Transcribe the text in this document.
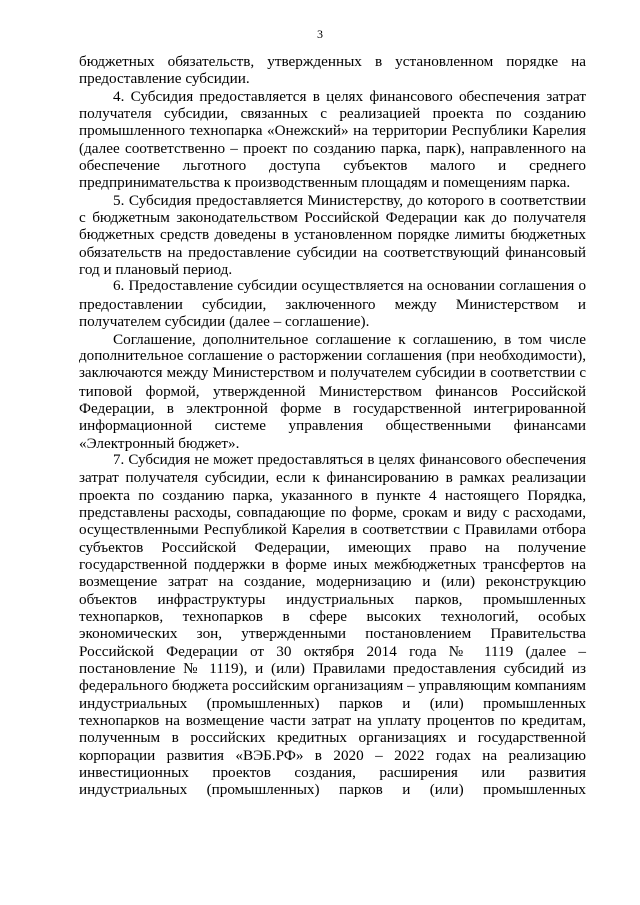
3
бюджетных обязательств, утвержденных в установленном порядке на
предоставление субсидии.
4. Субсидия предоставляется в целях финансового обеспечения затрат
получателя субсидии, связанных с реализацией проекта по созданию
промышленного технопарка «Онежский» на территории Республики Карелия
(далее соответственно – проект по созданию парка, парк), направленного на
обеспечение льготного доступа субъектов малого и среднего
предпринимательства к производственным площадям и помещениям парка.
5. Субсидия предоставляется Министерству, до которого в соответствии
с бюджетным законодательством Российской Федерации как до получателя
бюджетных средств доведены в установленном порядке лимиты бюджетных
обязательств на предоставление субсидии на соответствующий финансовый
год и плановый период.
6. Предоставление субсидии осуществляется на основании соглашения о
предоставлении субсидии, заключенного между Министерством и
получателем субсидии (далее – соглашение).
Соглашение, дополнительное соглашение к соглашению, в том числе
дополнительное соглашение о расторжении соглашения (при необходимости),
заключаются между Министерством и получателем субсидии в соответствии с
типовой формой, утвержденной Министерством финансов Российской
Федерации, в электронной форме в государственной интегрированной
информационной системе управления общественными финансами
«Электронный бюджет».
7. Субсидия не может предоставляться в целях финансового обеспечения
затрат получателя субсидии, если к финансированию в рамках реализации
проекта по созданию парка, указанного в пункте 4 настоящего Порядка,
представлены расходы, совпадающие по форме, срокам и виду с расходами,
осуществленными Республикой Карелия в соответствии с Правилами отбора
субъектов Российской Федерации, имеющих право на получение
государственной поддержки в форме иных межбюджетных трансфертов на
возмещение затрат на создание, модернизацию и (или) реконструкцию
объектов инфраструктуры индустриальных парков, промышленных
технопарков, технопарков в сфере высоких технологий, особых
экономических зон, утвержденными постановлением Правительства
Российской Федерации от 30 октября 2014 года № 1119 (далее –
постановление № 1119), и (или) Правилами предоставления субсидий из
федерального бюджета российским организациям – управляющим компаниям
индустриальных (промышленных) парков и (или) промышленных
технопарков на возмещение части затрат на уплату процентов по кредитам,
полученным в российских кредитных организациях и государственной
корпорации развития «ВЭБ.РФ» в 2020 – 2022 годах на реализацию
инвестиционных проектов создания, расширения или развития
индустриальных (промышленных) парков и (или) промышленных
